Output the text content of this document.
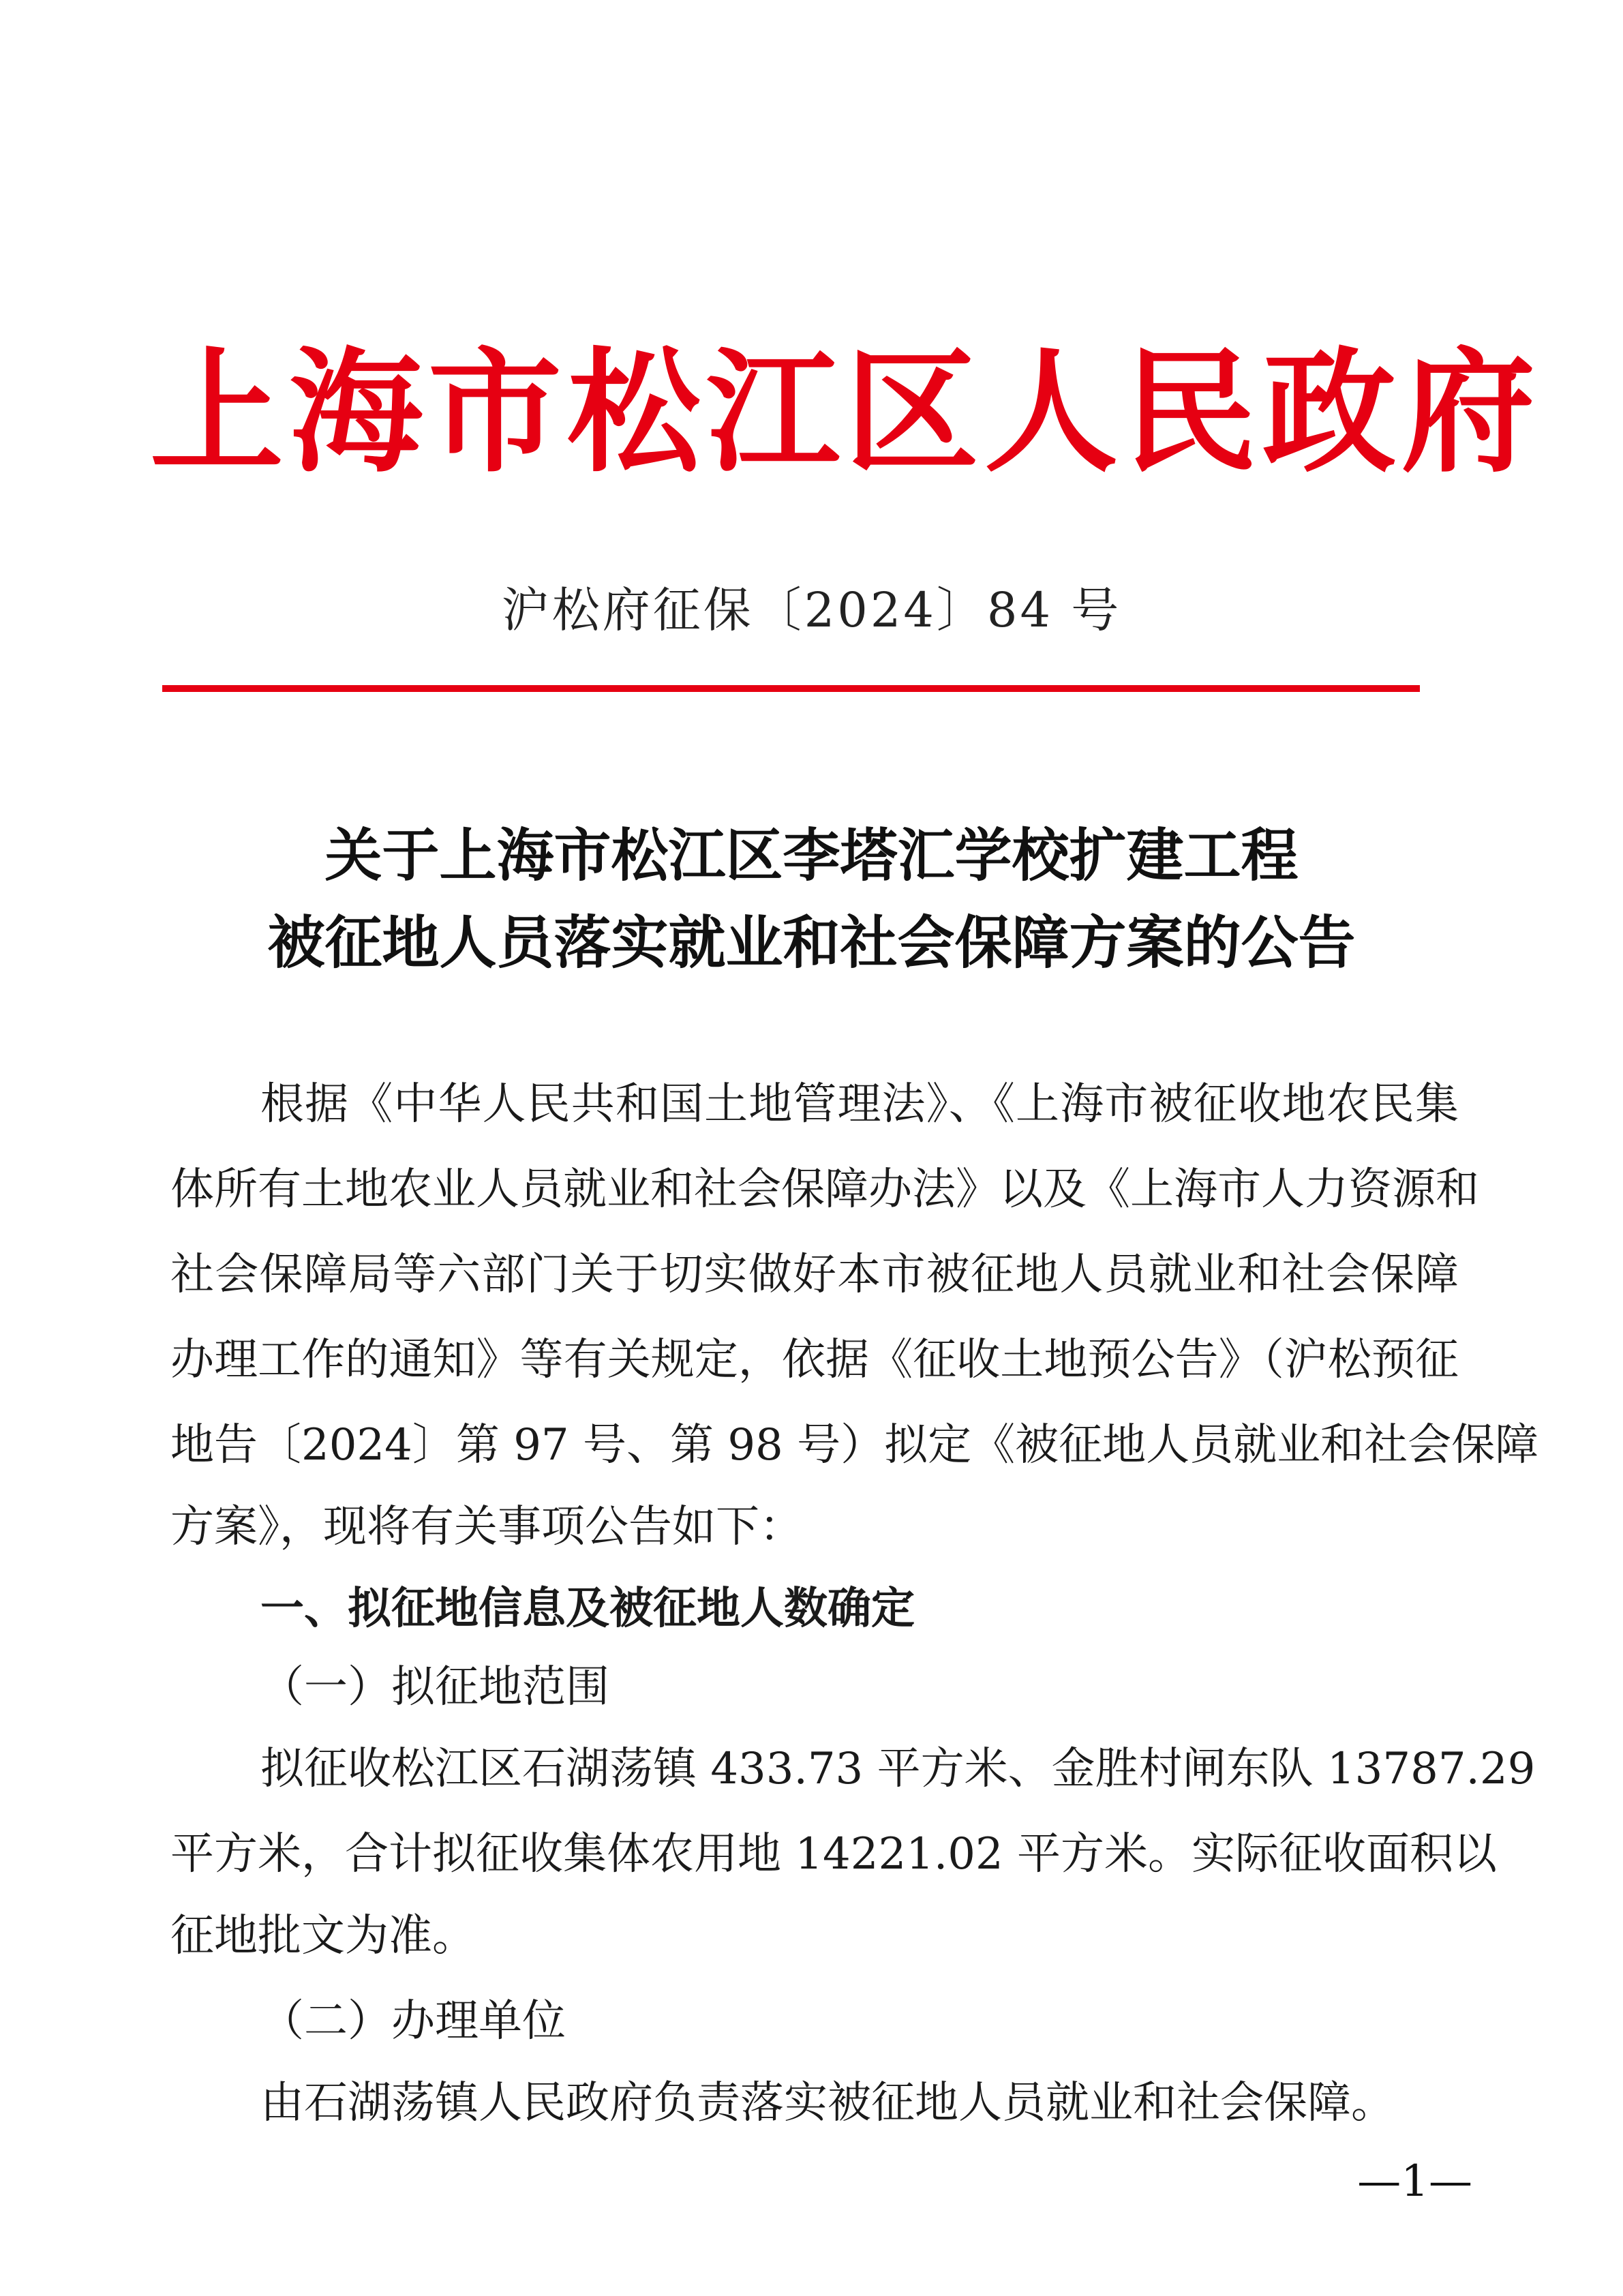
上海市松江区人民政府
沪松府征保〔2024〕84 号
关于上海市松江区李塔汇学校扩建工程
被征地人员落实就业和社会保障方案的公告
根据《中华人民共和国土地管理法》、《上海市被征收地农民集
体所有土地农业人员就业和社会保障办法》以及《上海市人力资源和
社会保障局等六部门关于切实做好本市被征地人员就业和社会保障
办理工作的通知》等有关规定，依据《征收土地预公告》（沪松预征
地告〔2024〕第 97 号、第 98 号）拟定《被征地人员就业和社会保障
方案》，现将有关事项公告如下：
一、拟征地信息及被征地人数确定
（一）拟征地范围
拟征收松江区石湖荡镇 433.73 平方米、金胜村闸东队 13787.29
平方米，合计拟征收集体农用地 14221.02 平方米。实际征收面积以
征地批文为准。
（二）办理单位
由石湖荡镇人民政府负责落实被征地人员就业和社会保障。
—1—
